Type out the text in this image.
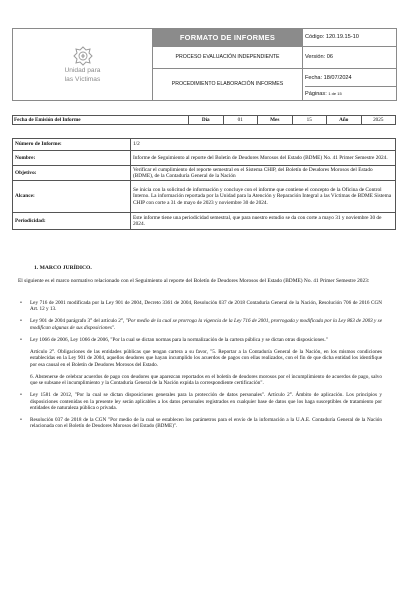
Unidad para
las Víctimas	FORMATO DE INFORMES	Código: 120.19.15-10
	PROCESO EVALUACIÓN INDEPENDIENTE	Versión: 06
	PROCEDIMIENTO ELABORACIÓN INFORMES	Fecha: 18/07/2024
Páginas: 1 de 15
Fecha de Emisión del Informe	Día	01	Mes	15	Año	2025
Número de Informe:	1/2
Nombre:	Informe de Seguimiento al reporte del Boletín de Deudores Morosos del Estado (BDME) No. 41 Primer Semestre 2024.
Objetivo:	Verificar el cumplimiento del reporte semestral en el Sistema CHIP, del Boletín de Deudores Morosos del Estado (BDME), de la Contaduría General de la Nación
Alcance:	Se inicia con la solicitud de información y concluye con el informe que contiene el concepto de la Oficina de Control Interno. La información reportada por la Unidad para la Atención y Reparación Integral a las Víctimas de BDME Sistema CHIP con corte a 31 de mayo de 2023 y noviembre 30 de 2024.
Periodicidad:	Este informe tiene una periodicidad semestral, que para nuestro estudio se da con corte a mayo 31 y noviembre 30 de 2024.
1. MARCO JURÍDICO.
El siguiente es el marco normativo relacionado con el Seguimiento al reporte del Boletín de Deudores Morosos del Estado (BDME) No. 41 Primer Semestre 2023:
• Ley 716 de 2001 modificada por la Ley 901 de 2004, Decreto 3361 de 2004, Resolución 037 de 2018 Contaduría General de la Nación, Resolución 706 de 2016 CGN Art. 12 y 13.
• Ley 901 de 2004 parágrafo 3° del artículo 2°, "Por medio de la cual se prorroga la vigencia de la Ley 716 de 2001, prorrogada y modificada por la Ley 863 de 2003 y se modifican algunas de sus disposiciones".
• Ley 1066 de 2006, Ley 1066 de 2006, "Por la cual se dictan normas para la normalización de la cartera pública y se dictan otras disposiciones."
Artículo 2°. Obligaciones de las entidades públicas que tengan cartera a su favor, "5. Reportar a la Contaduría General de la Nación, en los mismos condiciones establecidas en la Ley 901 de 2004, aquellos deudores que hayan incumplido los acuerdos de pagos con ellas realizados, con el fin de que dicha entidad los identifique por esa causal en el Boletín de Deudores Morosos del Estado.
6. Abstenerse de celebrar acuerdos de pago con deudores que aparezcan reportados en el boletín de deudores morosos por el incumplimiento de acuerdos de pago, salvo que se subsane el incumplimiento y la Contaduría General de la Nación expida la correspondiente certificación".
• Ley 1581 de 2012, "Por la cual se dictan disposiciones generales para la protección de datos personales". Artículo 2°. Ámbito de aplicación. Los principios y disposiciones contenidas en la presente ley serán aplicables a los datos personales registrados en cualquier base de datos que los haga susceptibles de tratamiento por entidades de naturaleza pública o privada.
• Resolución 037 de 2018 de la CGN "Por medio de la cual se establecen los parámetros para el envío de la información a la U.A.E. Contaduría General de la Nación relacionada con el Boletín de Deudores Morosos del Estado (BDME)".
